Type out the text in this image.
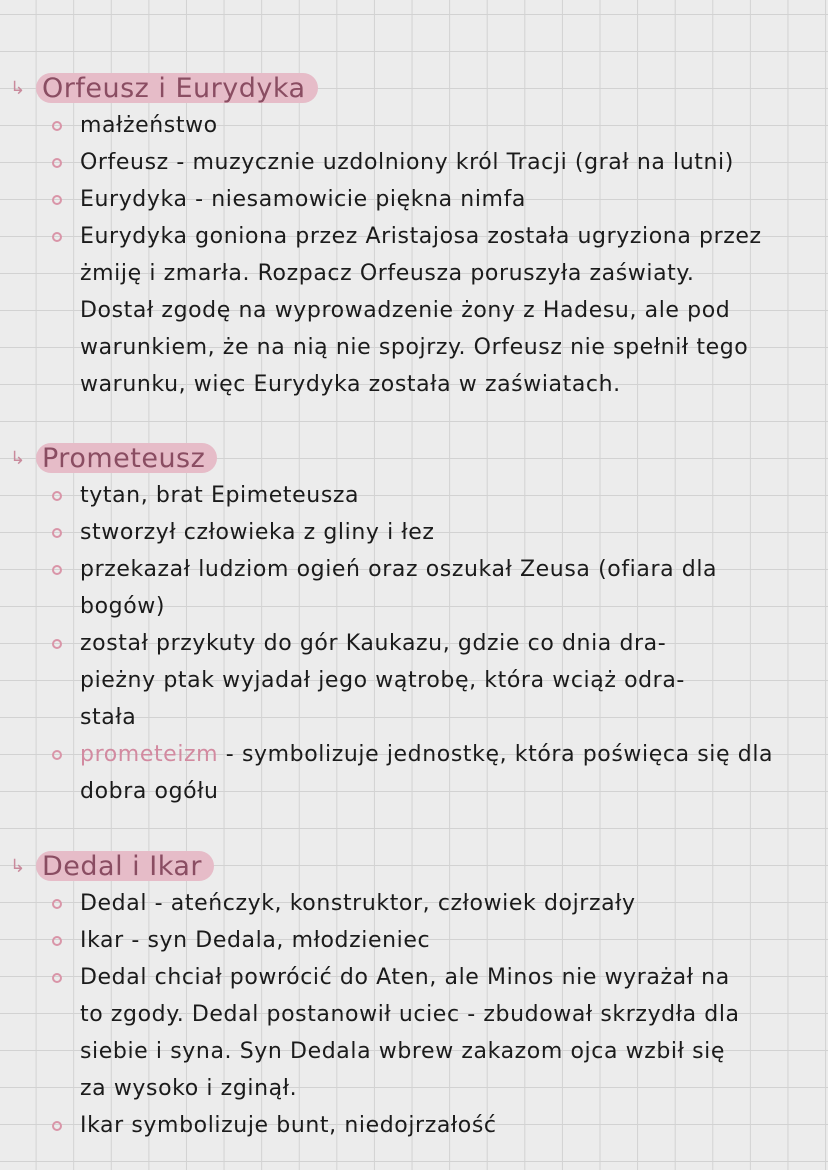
↳ Orfeusz i Eurydyka
małżeństwo
Orfeusz - muzycznie uzdolniony król Tracji (grał na lutni)
Eurydyka - niesamowicie piękna nimfa
Eurydyka goniona przez Aristajosa została ugryziona przez
żmiję i zmarła. Rozpacz Orfeusza poruszyła zaświaty.
Dostał zgodę na wyprowadzenie żony z Hadesu, ale pod
warunkiem, że na nią nie spojrzy. Orfeusz nie spełnił tego
warunku, więc Eurydyka została w zaświatach.
↳ Prometeusz
tytan, brat Epimeteusza
stworzył człowieka z gliny i łez
przekazał ludziom ogień oraz oszukał Zeusa (ofiara dla
bogów)
został przykuty do gór Kaukazu, gdzie co dnia dra-
pieżny ptak wyjadał jego wątrobę, która wciąż odra-
stała
prometeizm - symbolizuje jednostkę, która poświęca się dla
dobra ogółu
↳ Dedal i Ikar
Dedal - ateńczyk, konstruktor, człowiek dojrzały
Ikar - syn Dedala, młodzieniec
Dedal chciał powrócić do Aten, ale Minos nie wyrażał na
to zgody. Dedal postanowił uciec - zbudował skrzydła dla
siebie i syna. Syn Dedala wbrew zakazom ojca wzbił się
za wysoko i zginął.
Ikar symbolizuje bunt, niedojrzałość
